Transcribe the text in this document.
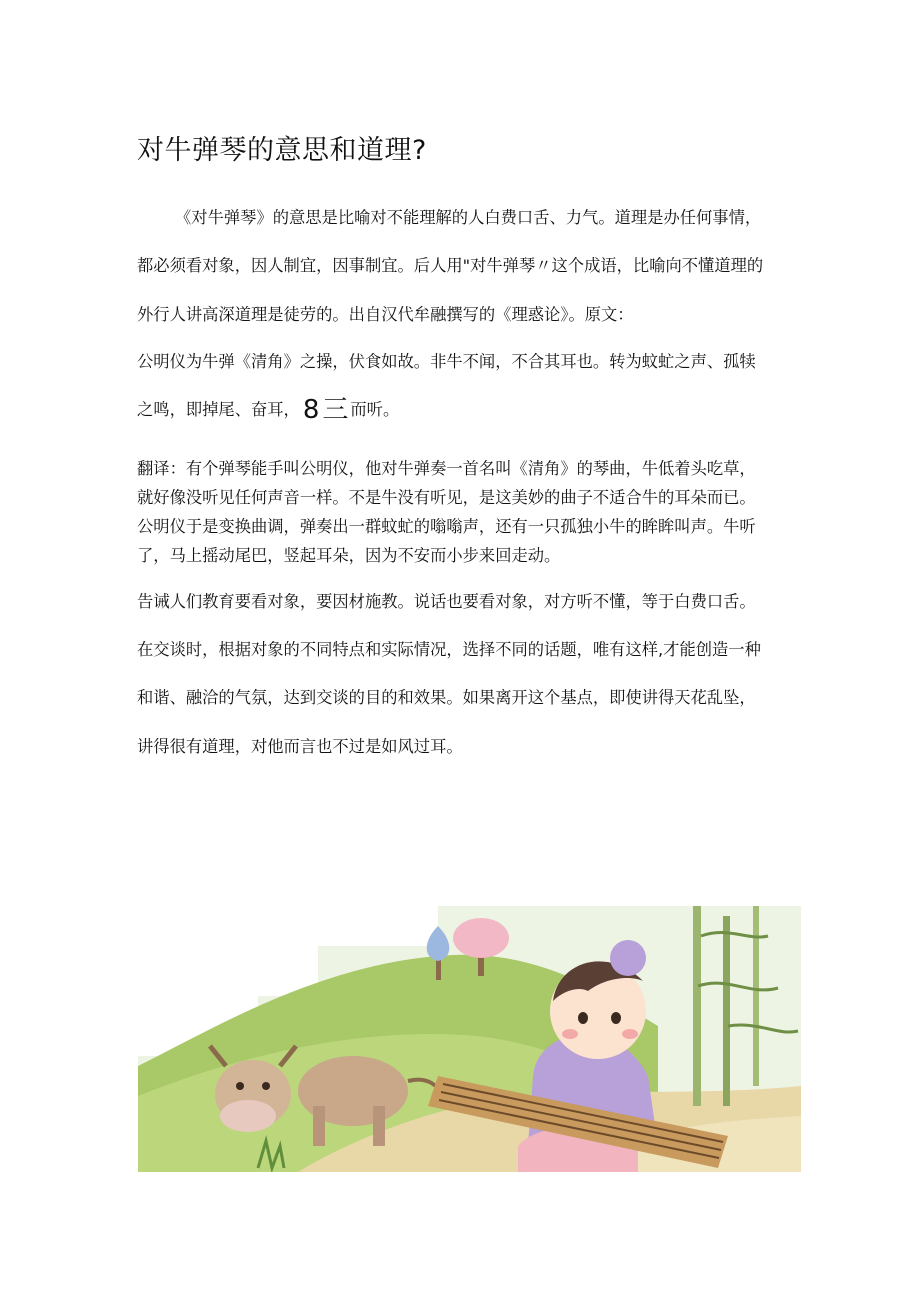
对牛弹琴的意思和道理?

《对牛弹琴》的意思是比喻对不能理解的人白费口舌、力气。道理是办任何事情，

都必须看对象，因人制宜，因事制宜。后人用"对牛弹琴〃这个成语，比喻向不懂道理的

外行人讲高深道理是徒劳的。出自汉代牟融撰写的《理惑论》。原文：

公明仪为牛弹《清角》之操，伏食如故。非牛不闻，不合其耳也。转为蚊虻之声、孤犊

之鸣，即掉尾、奋耳， 8 三 而听。

翻译：有个弹琴能手叫公明仪，他对牛弹奏一首名叫《清角》的琴曲，牛低着头吃草，

就好像没听见任何声音一样。不是牛没有听见，是这美妙的曲子不适合牛的耳朵而已。

公明仪于是变换曲调，弹奏出一群蚊虻的嗡嗡声，还有一只孤独小牛的眸眸叫声。牛听

了，马上摇动尾巴，竖起耳朵，因为不安而小步来回走动。

告诫人们教育要看对象，要因材施教。说话也要看对象，对方听不懂，等于白费口舌。

在交谈时，根据对象的不同特点和实际情况，选择不同的话题，唯有这样,才能创造一种

和谐、融洽的气氛，达到交谈的目的和效果。如果离开这个基点，即使讲得天花乱坠，

讲得很有道理，对他而言也不过是如风过耳。
